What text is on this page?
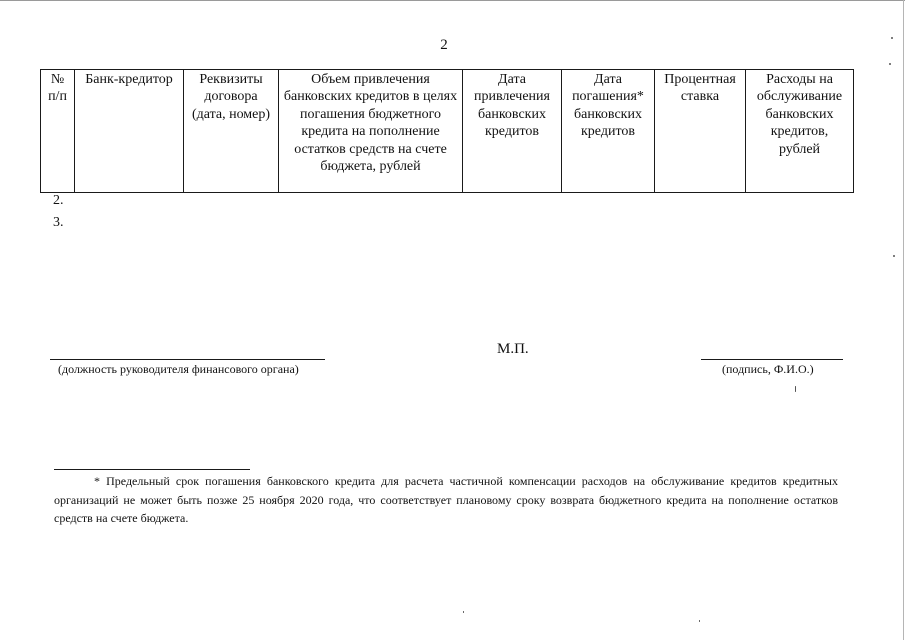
2
№ п/п	Банк-кредитор	Реквизиты договора (дата, номер)	Объем привлечения банковских кредитов в целях погашения бюджетного кредита на пополнение остатков средств на счете бюджета, рублей	Дата привлечения банковских кредитов	Дата погашения* банковских кредитов	Процентная ставка	Расходы на обслуживание банковских кредитов, рублей
2.
3.
М.П.
(должность руководителя финансового органа)	(подпись, Ф.И.О.)
* Предельный срок погашения банковского кредита для расчета частичной компенсации расходов на обслуживание кредитов кредитных организаций не может быть позже 25 ноября 2020 года, что соответствует плановому сроку возврата бюджетного кредита на пополнение остатков средств на счете бюджета.
